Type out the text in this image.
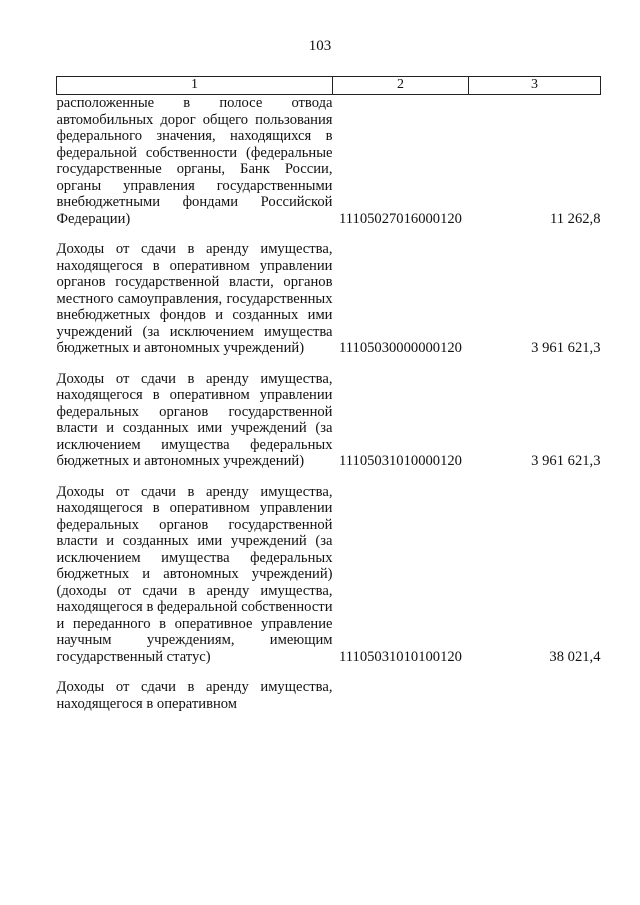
103
1	2	3
расположенные в полосе отвода автомобильных дорог общего пользования федерального значения, находящихся в федеральной собственности (федеральные государственные органы, Банк России, органы управления государственными внебюджетными фондами Российской Федерации)	11105027016000120	11 262,8
Доходы от сдачи в аренду имущества, находящегося в оперативном управлении органов государственной власти, органов местного самоуправления, государственных внебюджетных фондов и созданных ими учреждений (за исключением имущества бюджетных и автономных учреждений)	11105030000000120	3 961 621,3
Доходы от сдачи в аренду имущества, находящегося в оперативном управлении федеральных органов государственной власти и созданных ими учреждений (за исключением имущества федеральных бюджетных и автономных учреждений)	11105031010000120	3 961 621,3
Доходы от сдачи в аренду имущества, находящегося в оперативном управлении федеральных органов государственной власти и созданных ими учреждений (за исключением имущества федеральных бюджетных и автономных учреждений) (доходы от сдачи в аренду имущества, находящегося в федеральной собственности и переданного в оперативное управление научным учреждениям, имеющим государственный статус)	11105031010100120	38 021,4
Доходы от сдачи в аренду имущества, находящегося в оперативном		
